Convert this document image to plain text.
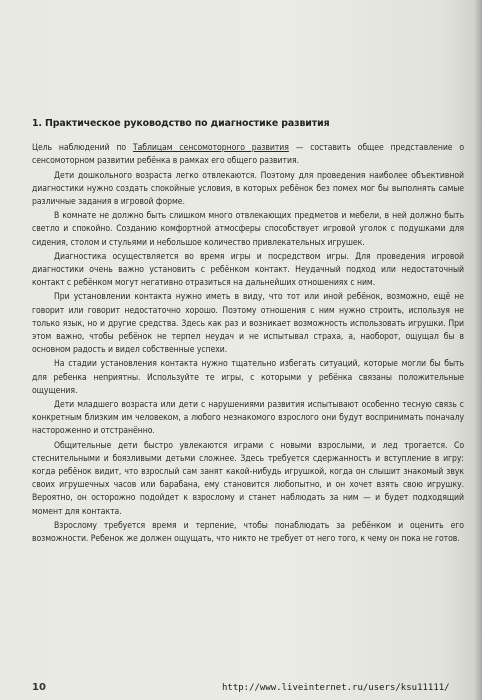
1. Практическое руководство по диагностике развития

Цель наблюдений по Таблицам сенсомоторного развития — составить общее представление о сенсомоторном развитии ребёнка в рамках его общего развития.

Дети дошкольного возраста легко отвлекаются. Поэтому для проведения наиболее объективной диагностики нужно создать спокойные условия, в которых ребёнок без помех мог бы выполнять самые различные задания в игровой форме.

В комнате не должно быть слишком много отвлекающих предметов и мебели, в ней должно быть светло и спокойно. Созданию комфортной атмосферы способствует игровой уголок с подушками для сидения, столом и стульями и небольшое количество привлекательных игрушек.

Диагностика осуществляется во время игры и посредством игры. Для проведения игровой диагностики очень важно установить с ребёнком контакт. Неудачный подход или недостаточный контакт с ребёнком могут негативно отразиться на дальнейших отношениях с ним.

При установлении контакта нужно иметь в виду, что тот или иной ребёнок, возможно, ещё не говорит или говорит недостаточно хорошо. Поэтому отношения с ним нужно строить, используя не только язык, но и другие средства. Здесь как раз и возникает возможность использовать игрушки. При этом важно, чтобы ребёнок не терпел неудач и не испытывал страха, а, наоборот, ощущал бы в основном радость и видел собственные успехи.

На стадии установления контакта нужно тщательно избегать ситуаций, которые могли бы быть для ребенка неприятны. Используйте те игры, с которыми у ребёнка связаны положительные ощущения.

Дети младшего возраста или дети с нарушениями развития испытывают особенно тесную связь с конкретным близким им человеком, а любого незнакомого взрослого они будут воспринимать поначалу настороженно и отстранённо.

Общительные дети быстро увлекаются играми с новыми взрослыми, и лед трогается. Со стеснительными и боязливыми детьми сложнее. Здесь требуется сдержанность и вступление в игру: когда ребёнок видит, что взрослый сам занят какой-нибудь игрушкой, когда он слышит знакомый звук своих игрушечных часов или барабана, ему становится любопытно, и он хочет взять свою игрушку. Вероятно, он осторожно подойдет к взрослому и станет наблюдать за ним — и будет подходящий момент для контакта.

Взрослому требуется время и терпение, чтобы понаблюдать за ребёнком и оценить его возможности. Ребенок же должен ощущать, что никто не требует от него того, к чему он пока не готов.

10	http://www.liveinternet.ru/users/ksu11111/
